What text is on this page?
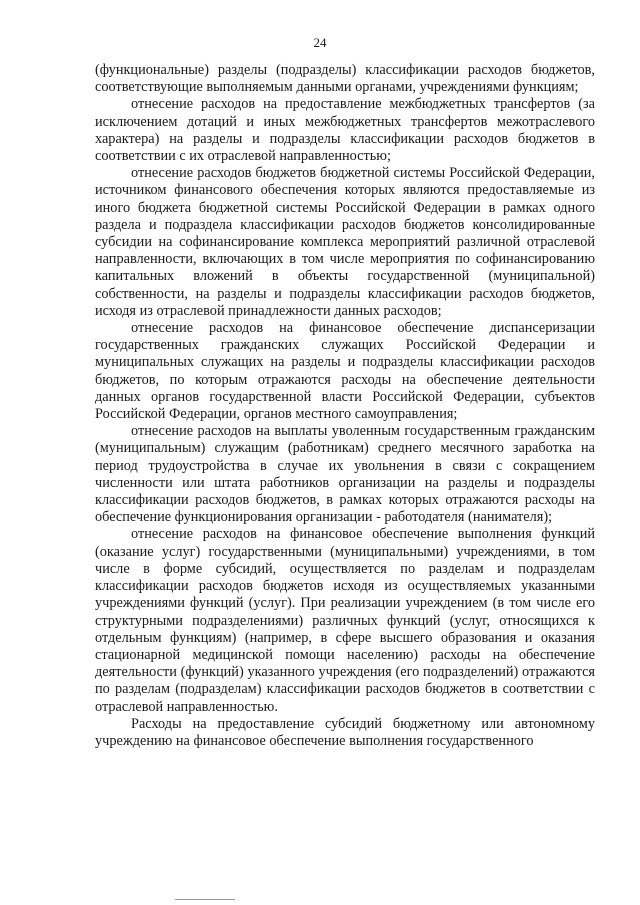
24

(функциональные) разделы (подразделы) классификации расходов бюджетов, соответствующие выполняемым данными органами, учреждениями функциям;

отнесение расходов на предоставление межбюджетных трансфертов (за исключением дотаций и иных межбюджетных трансфертов межотраслевого характера) на разделы и подразделы классификации расходов бюджетов в соответствии с их отраслевой направленностью;

отнесение расходов бюджетов бюджетной системы Российской Федерации, источником финансового обеспечения которых являются предоставляемые из иного бюджета бюджетной системы Российской Федерации в рамках одного раздела и подраздела классификации расходов бюджетов консолидированные субсидии на софинансирование комплекса мероприятий различной отраслевой направленности, включающих в том числе мероприятия по софинансированию капитальных вложений в объекты государственной (муниципальной) собственности, на разделы и подразделы классификации расходов бюджетов, исходя из отраслевой принадлежности данных расходов;

отнесение расходов на финансовое обеспечение диспансеризации государственных гражданских служащих Российской Федерации и муниципальных служащих на разделы и подразделы классификации расходов бюджетов, по которым отражаются расходы на обеспечение деятельности данных органов государственной власти Российской Федерации, субъектов Российской Федерации, органов местного самоуправления;

отнесение расходов на выплаты уволенным государственным гражданским (муниципальным) служащим (работникам) среднего месячного заработка на период трудоустройства в случае их увольнения в связи с сокращением численности или штата работников организации на разделы и подразделы классификации расходов бюджетов, в рамках которых отражаются расходы на обеспечение функционирования организации - работодателя (нанимателя);

отнесение расходов на финансовое обеспечение выполнения функций (оказание услуг) государственными (муниципальными) учреждениями, в том числе в форме субсидий, осуществляется по разделам и подразделам классификации расходов бюджетов исходя из осуществляемых указанными учреждениями функций (услуг). При реализации учреждением (в том числе его структурными подразделениями) различных функций (услуг, относящихся к отдельным функциям) (например, в сфере высшего образования и оказания стационарной медицинской помощи населению) расходы на обеспечение деятельности (функций) указанного учреждения (его подразделений) отражаются по разделам (подразделам) классификации расходов бюджетов в соответствии с отраслевой направленностью.

Расходы на предоставление субсидий бюджетному или автономному учреждению на финансовое обеспечение выполнения государственного
